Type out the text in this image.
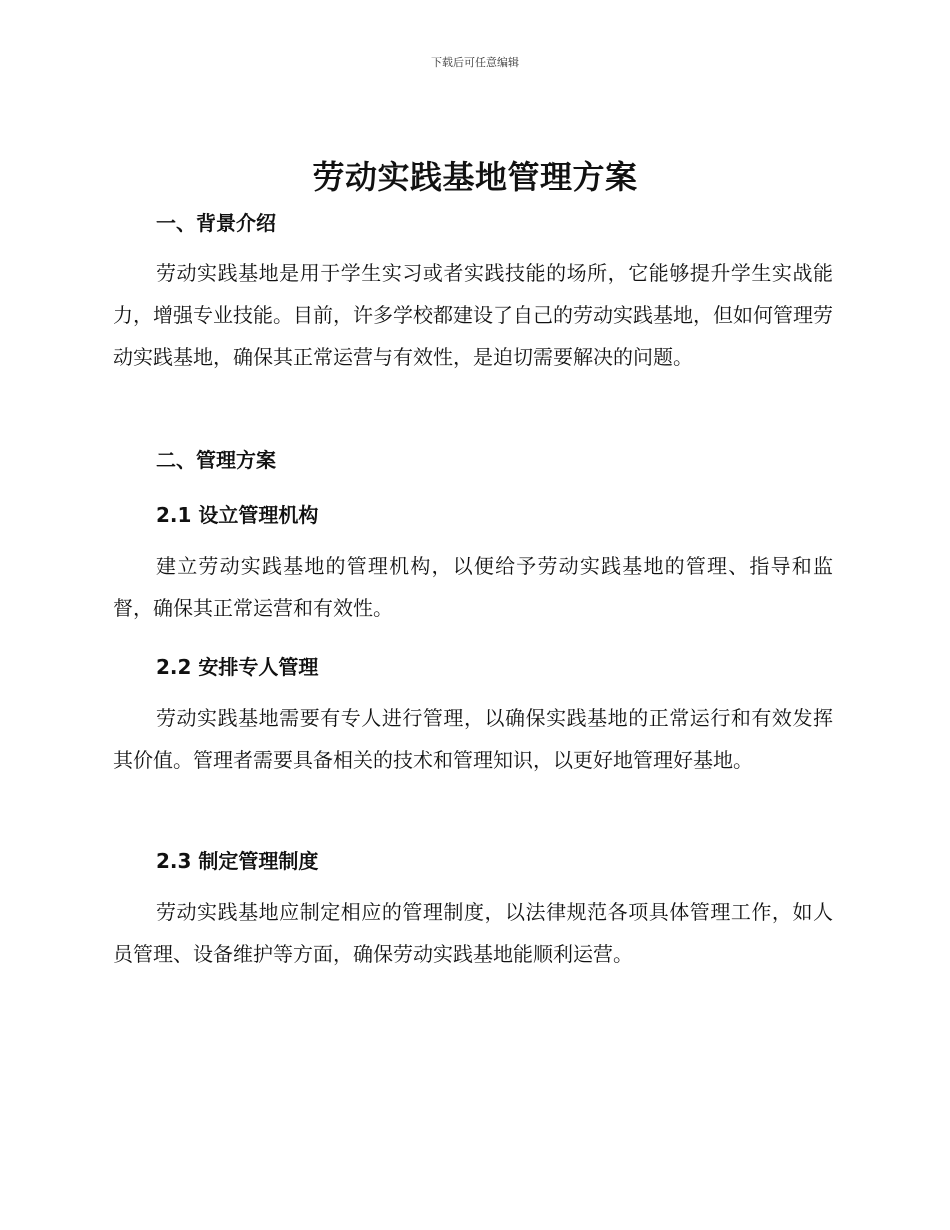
下载后可任意编辑
劳动实践基地管理方案
一、背景介绍
劳动实践基地是用于学生实习或者实践技能的场所，它能够提升学生实战能力，增强专业技能。目前，许多学校都建设了自己的劳动实践基地，但如何管理劳动实践基地，确保其正常运营与有效性，是迫切需要解决的问题。
二、管理方案
2.1 设立管理机构
建立劳动实践基地的管理机构，以便给予劳动实践基地的管理、指导和监督，确保其正常运营和有效性。
2.2 安排专人管理
劳动实践基地需要有专人进行管理，以确保实践基地的正常运行和有效发挥其价值。管理者需要具备相关的技术和管理知识，以更好地管理好基地。
2.3 制定管理制度
劳动实践基地应制定相应的管理制度，以法律规范各项具体管理工作，如人员管理、设备维护等方面，确保劳动实践基地能顺利运营。
